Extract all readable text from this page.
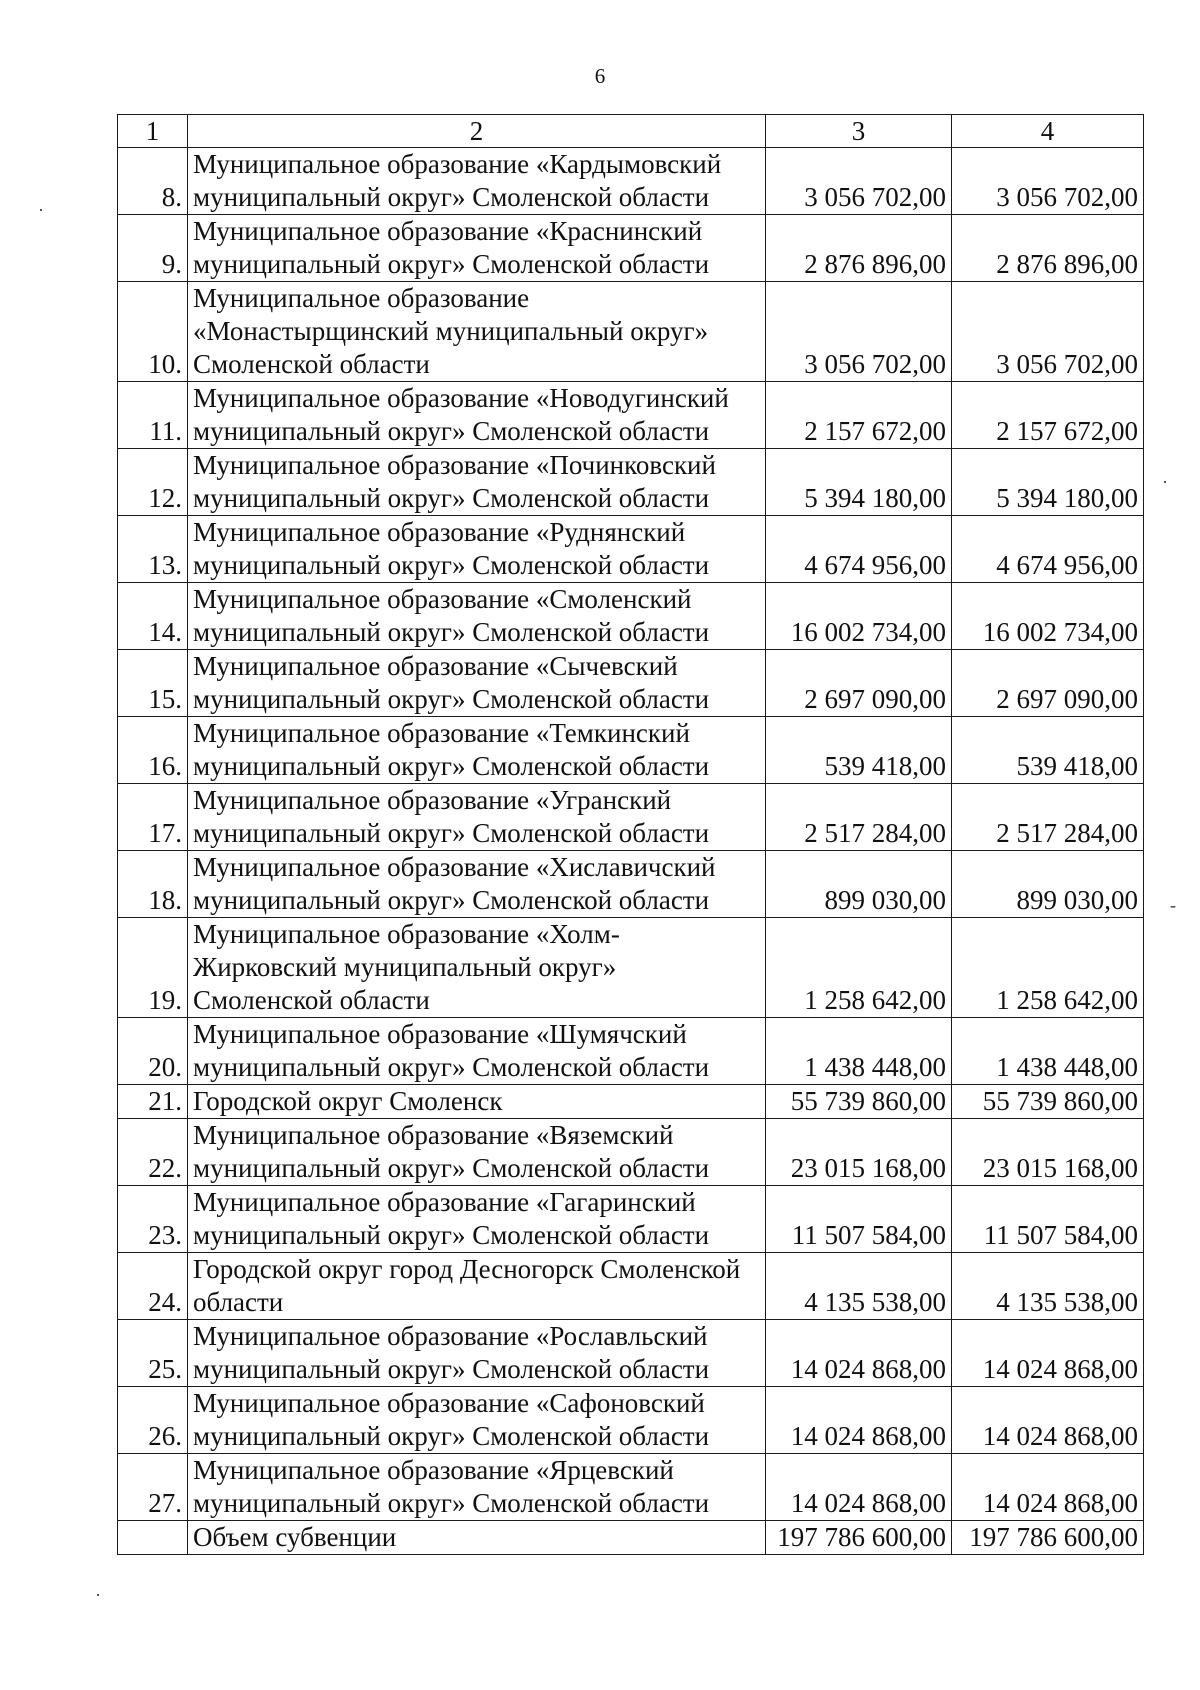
6
1	2	3	4
8.	Муниципальное образование «Кардымовский муниципальный округ» Смоленской области	3 056 702,00	3 056 702,00
9.	Муниципальное образование «Краснинский муниципальный округ» Смоленской области	2 876 896,00	2 876 896,00
10.	Муниципальное образование «Монастырщинский муниципальный округ» Смоленской области	3 056 702,00	3 056 702,00
11.	Муниципальное образование «Новодугинский муниципальный округ» Смоленской области	2 157 672,00	2 157 672,00
12.	Муниципальное образование «Починковский муниципальный округ» Смоленской области	5 394 180,00	5 394 180,00
13.	Муниципальное образование «Руднянский муниципальный округ» Смоленской области	4 674 956,00	4 674 956,00
14.	Муниципальное образование «Смоленский муниципальный округ» Смоленской области	16 002 734,00	16 002 734,00
15.	Муниципальное образование «Сычевский муниципальный округ» Смоленской области	2 697 090,00	2 697 090,00
16.	Муниципальное образование «Темкинский муниципальный округ» Смоленской области	539 418,00	539 418,00
17.	Муниципальное образование «Угранский муниципальный округ» Смоленской области	2 517 284,00	2 517 284,00
18.	Муниципальное образование «Хиславичский муниципальный округ» Смоленской области	899 030,00	899 030,00
19.	Муниципальное образование «Холм-Жирковский муниципальный округ» Смоленской области	1 258 642,00	1 258 642,00
20.	Муниципальное образование «Шумячский муниципальный округ» Смоленской области	1 438 448,00	1 438 448,00
21.	Городской округ Смоленск	55 739 860,00	55 739 860,00
22.	Муниципальное образование «Вяземский муниципальный округ» Смоленской области	23 015 168,00	23 015 168,00
23.	Муниципальное образование «Гагаринский муниципальный округ» Смоленской области	11 507 584,00	11 507 584,00
24.	Городской округ город Десногорск Смоленской области	4 135 538,00	4 135 538,00
25.	Муниципальное образование «Рославльский муниципальный округ» Смоленской области	14 024 868,00	14 024 868,00
26.	Муниципальное образование «Сафоновский муниципальный округ» Смоленской области	14 024 868,00	14 024 868,00
27.	Муниципальное образование «Ярцевский муниципальный округ» Смоленской области	14 024 868,00	14 024 868,00
	Объем субвенции	197 786 600,00	197 786 600,00
·
·
-
·
